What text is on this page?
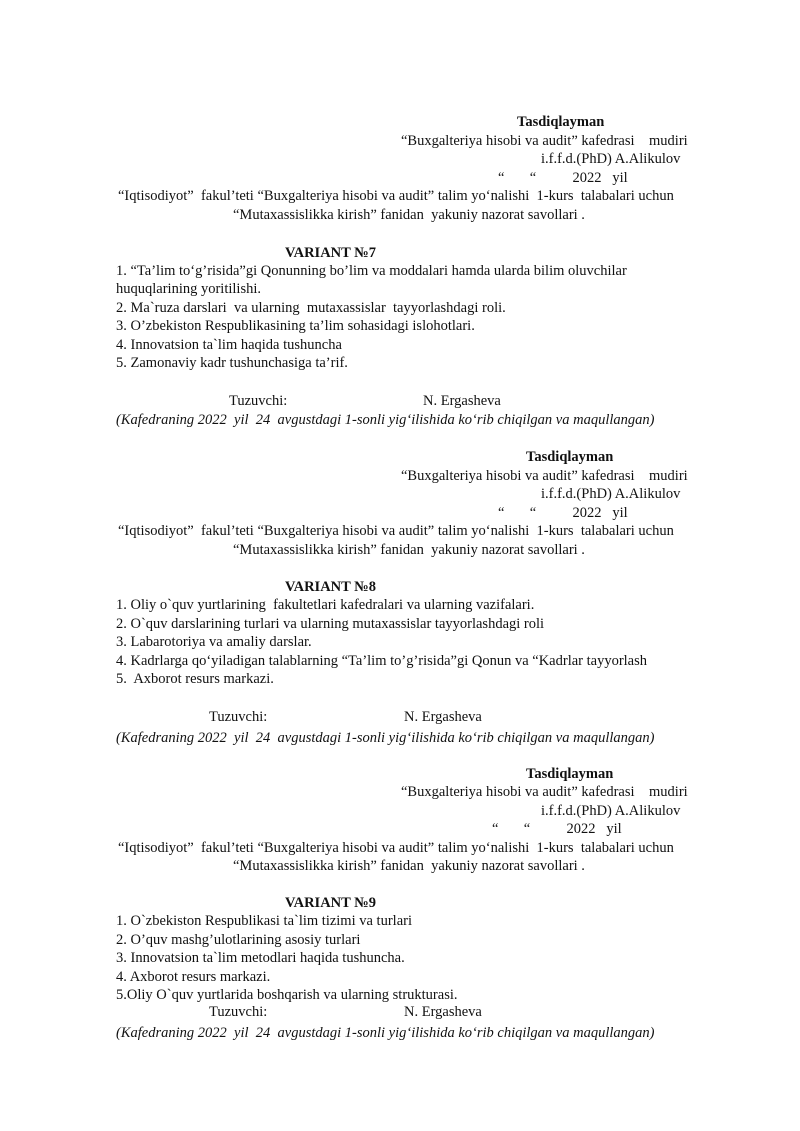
Tasdiqlayman
“Buxgalteriya hisobi va audit” kafedrasi    mudiri
i.f.f.d.(PhD) A.Alikulov
“       “          2022   yil
“Iqtisodiyot”  fakul’teti “Buxgalteriya hisobi va audit” talim yo‘nalishi  1-kurs  talabalari uchun
“Mutaxassislikka kirish” fanidan  yakuniy nazorat savollari .
VARIANT №7
1. “Ta’lim to‘g’risida”gi Qonunning bo’lim va moddalari hamda ularda bilim oluvchilar
huquqlarining yoritilishi.
2. Ma`ruza darslari  va ularning  mutaxassislar  tayyorlashdagi roli.
3. O’zbekiston Respublikasining ta’lim sohasidagi islohotlari.
4. Innovatsion ta`lim haqida tushuncha
5. Zamonaviy kadr tushunchasiga ta’rif.
Tuzuvchi:	N. Ergasheva
(Kafedraning 2022  yil  24  avgustdagi 1-sonli yig‘ilishida ko‘rib chiqilgan va maqullangan)
Tasdiqlayman
“Buxgalteriya hisobi va audit” kafedrasi    mudiri
i.f.f.d.(PhD) A.Alikulov
“       “          2022   yil
“Iqtisodiyot”  fakul’teti “Buxgalteriya hisobi va audit” talim yo‘nalishi  1-kurs  talabalari uchun
“Mutaxassislikka kirish” fanidan  yakuniy nazorat savollari .
VARIANT №8
1. Oliy o`quv yurtlarining  fakultetlari kafedralari va ularning vazifalari.
2. O`quv darslarining turlari va ularning mutaxassislar tayyorlashdagi roli
3. Labarotoriya va amaliy darslar.
4. Kadrlarga qo‘yiladigan talablarning “Ta’lim to’g’risida”gi Qonun va “Kadrlar tayyorlash
5.  Axborot resurs markazi.
Tuzuvchi:	N. Ergasheva
(Kafedraning 2022  yil  24  avgustdagi 1-sonli yig‘ilishida ko‘rib chiqilgan va maqullangan)
Tasdiqlayman
“Buxgalteriya hisobi va audit” kafedrasi    mudiri
i.f.f.d.(PhD) A.Alikulov
“       “          2022   yil
“Iqtisodiyot”  fakul’teti “Buxgalteriya hisobi va audit” talim yo‘nalishi  1-kurs  talabalari uchun
“Mutaxassislikka kirish” fanidan  yakuniy nazorat savollari .
VARIANT №9
1. O`zbekiston Respublikasi ta`lim tizimi va turlari
2. O’quv mashg’ulotlarining asosiy turlari
3. Innovatsion ta`lim metodlari haqida tushuncha.
4. Axborot resurs markazi.
5.Oliy O`quv yurtlarida boshqarish va ularning strukturasi.
Tuzuvchi:	N. Ergasheva
(Kafedraning 2022  yil  24  avgustdagi 1-sonli yig‘ilishida ko‘rib chiqilgan va maqullangan)
